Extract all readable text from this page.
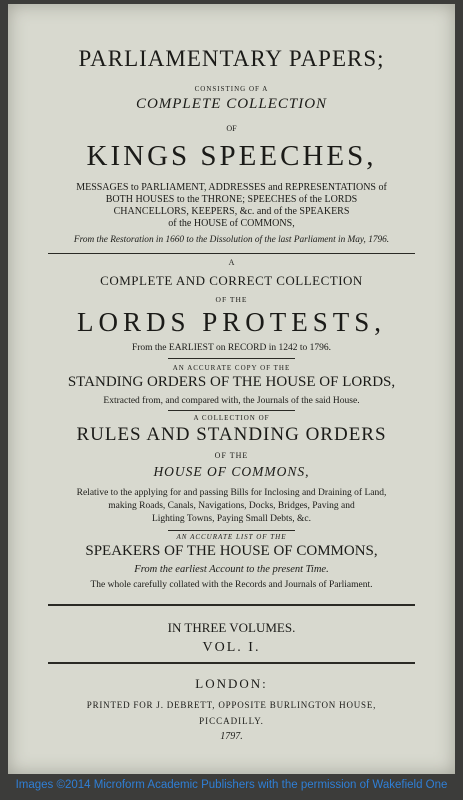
PARLIAMENTARY PAPERS;
CONSISTING OF A
COMPLETE COLLECTION
OF
KINGS SPEECHES,
MESSAGES to PARLIAMENT, ADDRESSES and REPRESENTATIONS of
BOTH HOUSES to the THRONE; SPEECHES of the LORDS
CHANCELLORS, KEEPERS, &c. and of the SPEAKERS
of the HOUSE of COMMONS,
From the Restoration in 1660 to the Dissolution of the last Parliament in May, 1796.
A
COMPLETE AND CORRECT COLLECTION
OF THE
LORDS PROTESTS,
From the EARLIEST on RECORD in 1242 to 1796.
AN ACCURATE COPY OF THE
STANDING ORDERS OF THE HOUSE OF LORDS,
Extracted from, and compared with, the Journals of the said House.
A COLLECTION OF
RULES AND STANDING ORDERS
OF THE
HOUSE OF COMMONS,
Relative to the applying for and passing Bills for Inclosing and Draining of Land,
making Roads, Canals, Navigations, Docks, Bridges, Paving and
Lighting Towns, Paying Small Debts, &c.
AN ACCURATE LIST OF THE
SPEAKERS OF THE HOUSE OF COMMONS,
From the earliest Account to the present Time.
The whole carefully collated with the Records and Journals of Parliament.
IN THREE VOLUMES.
VOL. I.
LONDON:
PRINTED FOR J. DEBRETT, OPPOSITE BURLINGTON HOUSE,
PICCADILLY.
1797.
Images ©2014 Microform Academic Publishers with the permission of Wakefield One
